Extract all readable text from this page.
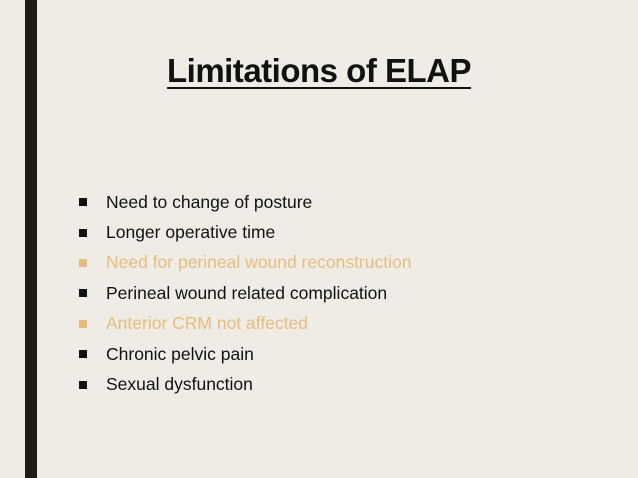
Limitations of ELAP
Need to change of posture
Longer operative time
Need for perineal wound reconstruction
Perineal wound related complication
Anterior CRM not affected
Chronic pelvic pain
Sexual dysfunction
